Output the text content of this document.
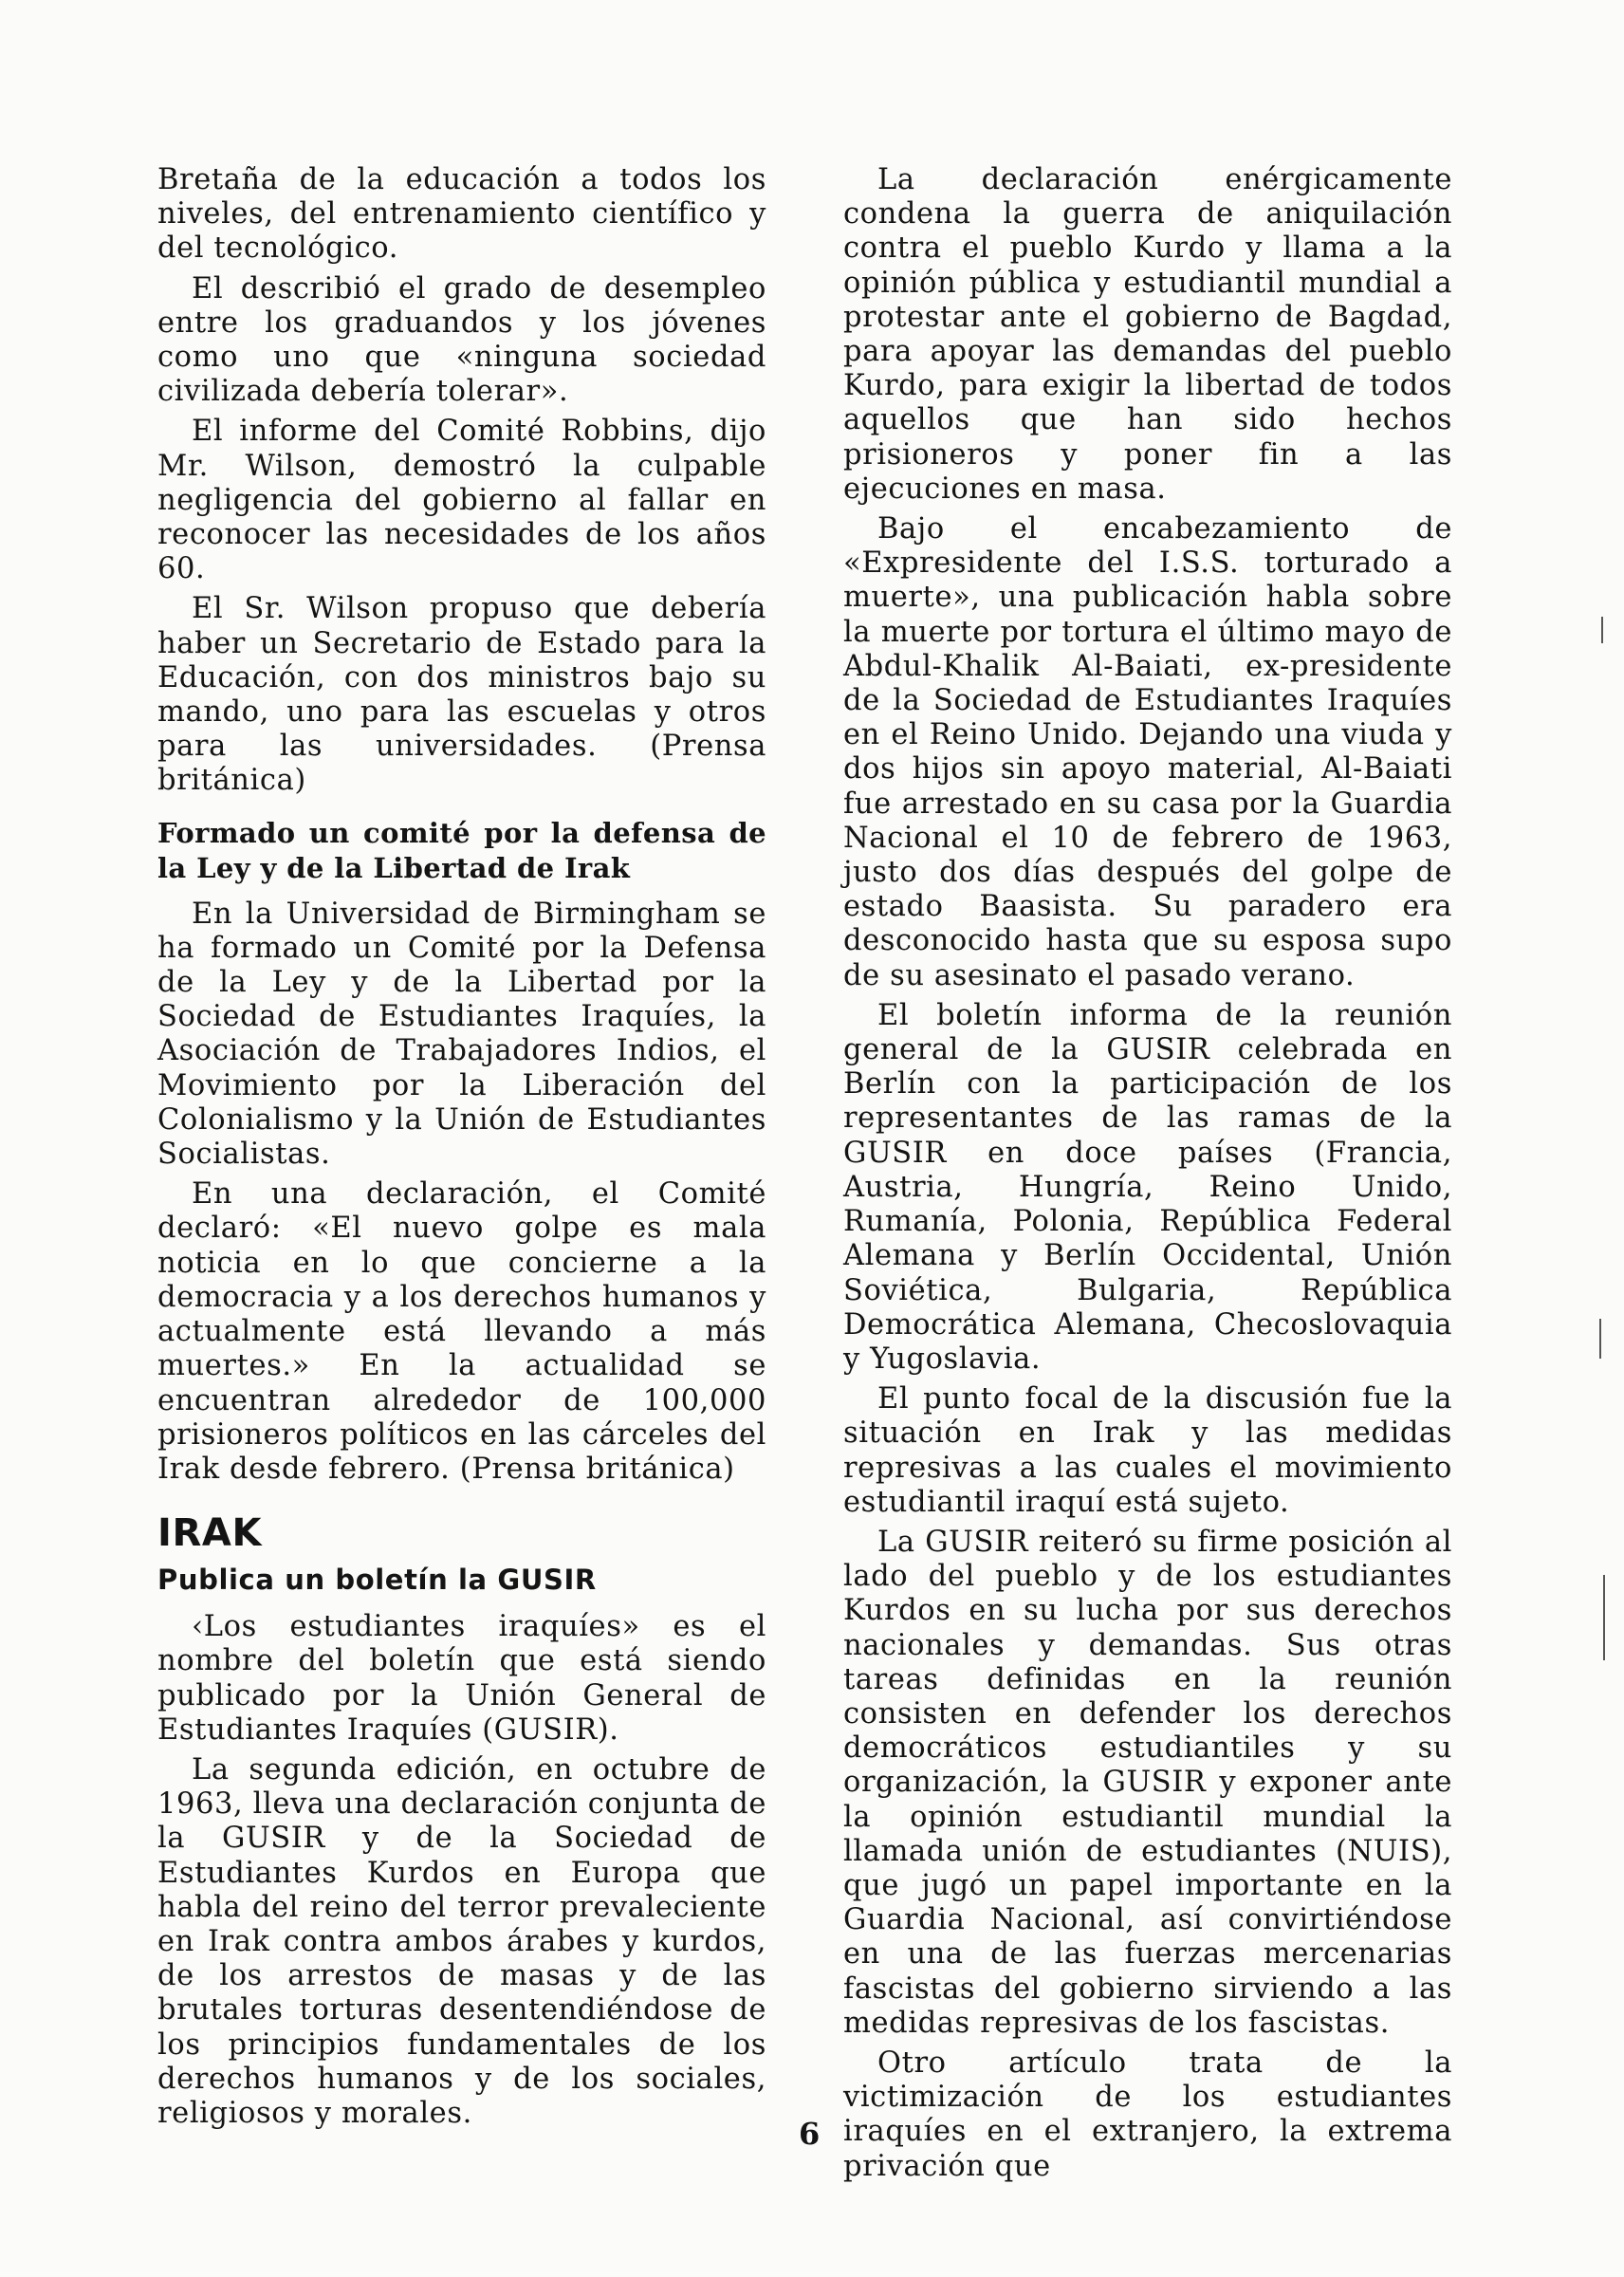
Bretaña de la educación a todos los niveles, del entrenamiento científico y del tecnológico.

El describió el grado de desempleo entre los graduandos y los jóvenes como uno que «ninguna sociedad civilizada debería tolerar».

El informe del Comité Robbins, dijo Mr. Wilson, demostró la culpable negligencia del gobierno al fallar en reconocer las necesidades de los años 60.

El Sr. Wilson propuso que debería haber un Secretario de Estado para la Educación, con dos ministros bajo su mando, uno para las escuelas y otros para las universidades. (Prensa británica)

Formado un comité por la defensa de la Ley y de la Libertad de Irak

En la Universidad de Birmingham se ha formado un Comité por la Defensa de la Ley y de la Libertad por la Sociedad de Estudiantes Iraquíes, la Asociación de Trabajadores Indios, el Movimiento por la Liberación del Colonialismo y la Unión de Estudiantes Socialistas.

En una declaración, el Comité declaró: «El nuevo golpe es mala noticia en lo que concierne a la democracia y a los derechos humanos y actualmente está llevando a más muertes.» En la actualidad se encuentran alrededor de 100,000 prisioneros políticos en las cárceles del Irak desde febrero. (Prensa británica)

IRAK
Publica un boletín la GUSIR

‹Los estudiantes iraquíes» es el nombre del boletín que está siendo publicado por la Unión General de Estudiantes Iraquíes (GUSIR).

La segunda edición, en octubre de 1963, lleva una declaración conjunta de la GUSIR y de la Sociedad de Estudiantes Kurdos en Europa que habla del reino del terror prevaleciente en Irak contra ambos árabes y kurdos, de los arrestos de masas y de las brutales torturas desentendiéndose de los principios fundamentales de los derechos humanos y de los sociales, religiosos y morales.

La declaración enérgicamente condena la guerra de aniquilación contra el pueblo Kurdo y llama a la opinión pública y estudiantil mundial a protestar ante el gobierno de Bagdad, para apoyar las demandas del pueblo Kurdo, para exigir la libertad de todos aquellos que han sido hechos prisioneros y poner fin a las ejecuciones en masa.

Bajo el encabezamiento de «Expresidente del I.S.S. torturado a muerte», una publicación habla sobre la muerte por tortura el último mayo de Abdul-Khalik Al-Baiati, ex-presidente de la Sociedad de Estudiantes Iraquíes en el Reino Unido. Dejando una viuda y dos hijos sin apoyo material, Al-Baiati fue arrestado en su casa por la Guardia Nacional el 10 de febrero de 1963, justo dos días después del golpe de estado Baasista. Su paradero era desconocido hasta que su esposa supo de su asesinato el pasado verano.

El boletín informa de la reunión general de la GUSIR celebrada en Berlín con la participación de los representantes de las ramas de la GUSIR en doce países (Francia, Austria, Hungría, Reino Unido, Rumanía, Polonia, República Federal Alemana y Berlín Occidental, Unión Soviética, Bulgaria, República Democrática Alemana, Checoslovaquia y Yugoslavia.

El punto focal de la discusión fue la situación en Irak y las medidas represivas a las cuales el movimiento estudiantil iraquí está sujeto.

La GUSIR reiteró su firme posición al lado del pueblo y de los estudiantes Kurdos en su lucha por sus derechos nacionales y demandas. Sus otras tareas definidas en la reunión consisten en defender los derechos democráticos estudiantiles y su organización, la GUSIR y exponer ante la opinión estudiantil mundial la llamada unión de estudiantes (NUIS), que jugó un papel importante en la Guardia Nacional, así convirtiéndose en una de las fuerzas mercenarias fascistas del gobierno sirviendo a las medidas represivas de los fascistas.

Otro artículo trata de la victimización de los estudiantes iraquíes en el extranjero, la extrema privación que

6
